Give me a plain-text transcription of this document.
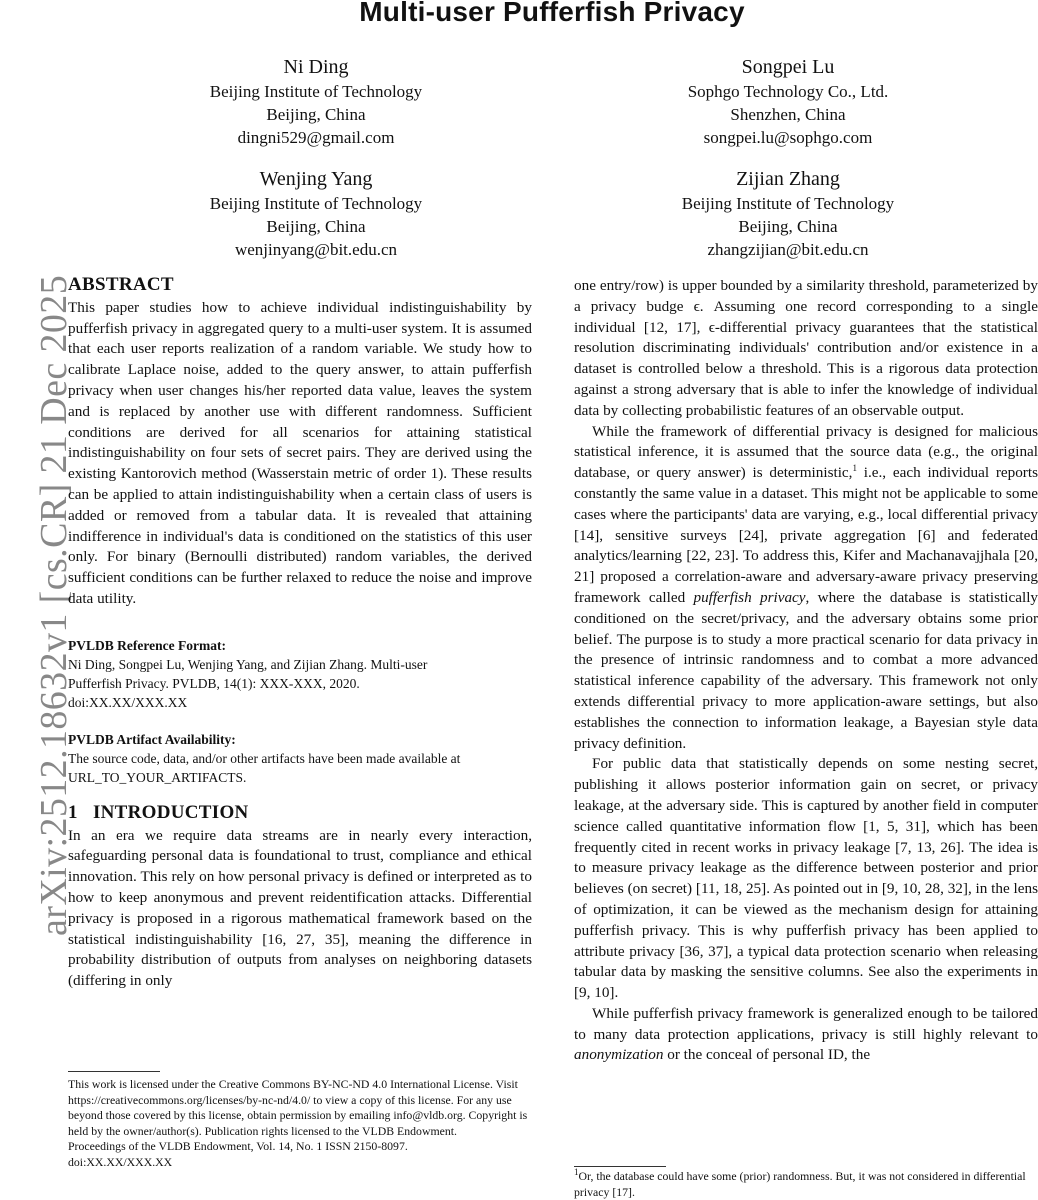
Multi-user Pufferfish Privacy
arXiv:2512.18632v1 [cs.CR] 21 Dec 2025
Ni Ding
Beijing Institute of Technology
Beijing, China
dingni529@gmail.com
Songpei Lu
Sophgo Technology Co., Ltd.
Shenzhen, China
songpei.lu@sophgo.com
Wenjing Yang
Beijing Institute of Technology
Beijing, China
wenjinyang@bit.edu.cn
Zijian Zhang
Beijing Institute of Technology
Beijing, China
zhangzijian@bit.edu.cn
ABSTRACT

This paper studies how to achieve individual indistinguishability by pufferfish privacy in aggregated query to a multi-user system. It is assumed that each user reports realization of a random variable. We study how to calibrate Laplace noise, added to the query answer, to attain pufferfish privacy when user changes his/her reported data value, leaves the system and is replaced by another use with different randomness. Sufficient conditions are derived for all scenarios for attaining statistical indistinguishability on four sets of secret pairs. They are derived using the existing Kantorovich method (Wasserstain metric of order 1). These results can be applied to attain indistinguishability when a certain class of users is added or removed from a tabular data. It is revealed that attaining indifference in individual's data is conditioned on the statistics of this user only. For binary (Bernoulli distributed) random variables, the derived sufficient conditions can be further relaxed to reduce the noise and improve data utility.

PVLDB Reference Format:
Ni Ding, Songpei Lu, Wenjing Yang, and Zijian Zhang. Multi-user
Pufferfish Privacy. PVLDB, 14(1): XXX-XXX, 2020.
doi:XX.XX/XXX.XX
PVLDB Artifact Availability:
The source code, data, and/or other artifacts have been made available at
URL_TO_YOUR_ARTIFACTS.
1   INTRODUCTION

In an era we require data streams are in nearly every interaction, safeguarding personal data is foundational to trust, compliance and ethical innovation. This rely on how personal privacy is defined or interpreted as to how to keep anonymous and prevent reidentification attacks. Differential privacy is proposed in a rigorous mathematical framework based on the statistical indistinguishability [16, 27, 35], meaning the difference in probability distribution of outputs from analyses on neighboring datasets (differing in only

This work is licensed under the Creative Commons BY-NC-ND 4.0 International License. Visit https://creativecommons.org/licenses/by-nc-nd/4.0/ to view a copy of this license. For any use beyond those covered by this license, obtain permission by emailing info@vldb.org. Copyright is held by the owner/author(s). Publication rights licensed to the VLDB Endowment.

Proceedings of the VLDB Endowment, Vol. 14, No. 1 ISSN 2150-8097.
doi:XX.XX/XXX.XX

one entry/row) is upper bounded by a similarity threshold, parameterized by a privacy budge ϵ. Assuming one record corresponding to a single individual [12, 17], ϵ-differential privacy guarantees that the statistical resolution discriminating individuals' contribution and/or existence in a dataset is controlled below a threshold. This is a rigorous data protection against a strong adversary that is able to infer the knowledge of individual data by collecting probabilistic features of an observable output.

While the framework of differential privacy is designed for malicious statistical inference, it is assumed that the source data (e.g., the original database, or query answer) is deterministic,$^1$ i.e., each individual reports constantly the same value in a dataset. This might not be applicable to some cases where the participants' data are varying, e.g., local differential privacy [14], sensitive surveys [24], private aggregation [6] and federated analytics/learning [22, 23]. To address this, Kifer and Machanavajjhala [20, 21] proposed a correlation-aware and adversary-aware privacy preserving framework called pufferfish privacy, where the database is statistically conditioned on the secret/privacy, and the adversary obtains some prior belief. The purpose is to study a more practical scenario for data privacy in the presence of intrinsic randomness and to combat a more advanced statistical inference capability of the adversary. This framework not only extends differential privacy to more application-aware settings, but also establishes the connection to information leakage, a Bayesian style data privacy definition.

For public data that statistically depends on some nesting secret, publishing it allows posterior information gain on secret, or privacy leakage, at the adversary side. This is captured by another field in computer science called quantitative information flow [1, 5, 31], which has been frequently cited in recent works in privacy leakage [7, 13, 26]. The idea is to measure privacy leakage as the difference between posterior and prior believes (on secret) [11, 18, 25]. As pointed out in [9, 10, 28, 32], in the lens of optimization, it can be viewed as the mechanism design for attaining pufferfish privacy. This is why pufferfish privacy has been applied to attribute privacy [36, 37], a typical data protection scenario when releasing tabular data by masking the sensitive columns. See also the experiments in [9, 10].

While pufferfish privacy framework is generalized enough to be tailored to many data protection applications, privacy is still highly relevant to anonymization or the conceal of personal ID, the

$^1$Or, the database could have some (prior) randomness. But, it was not considered in differential privacy [17].
